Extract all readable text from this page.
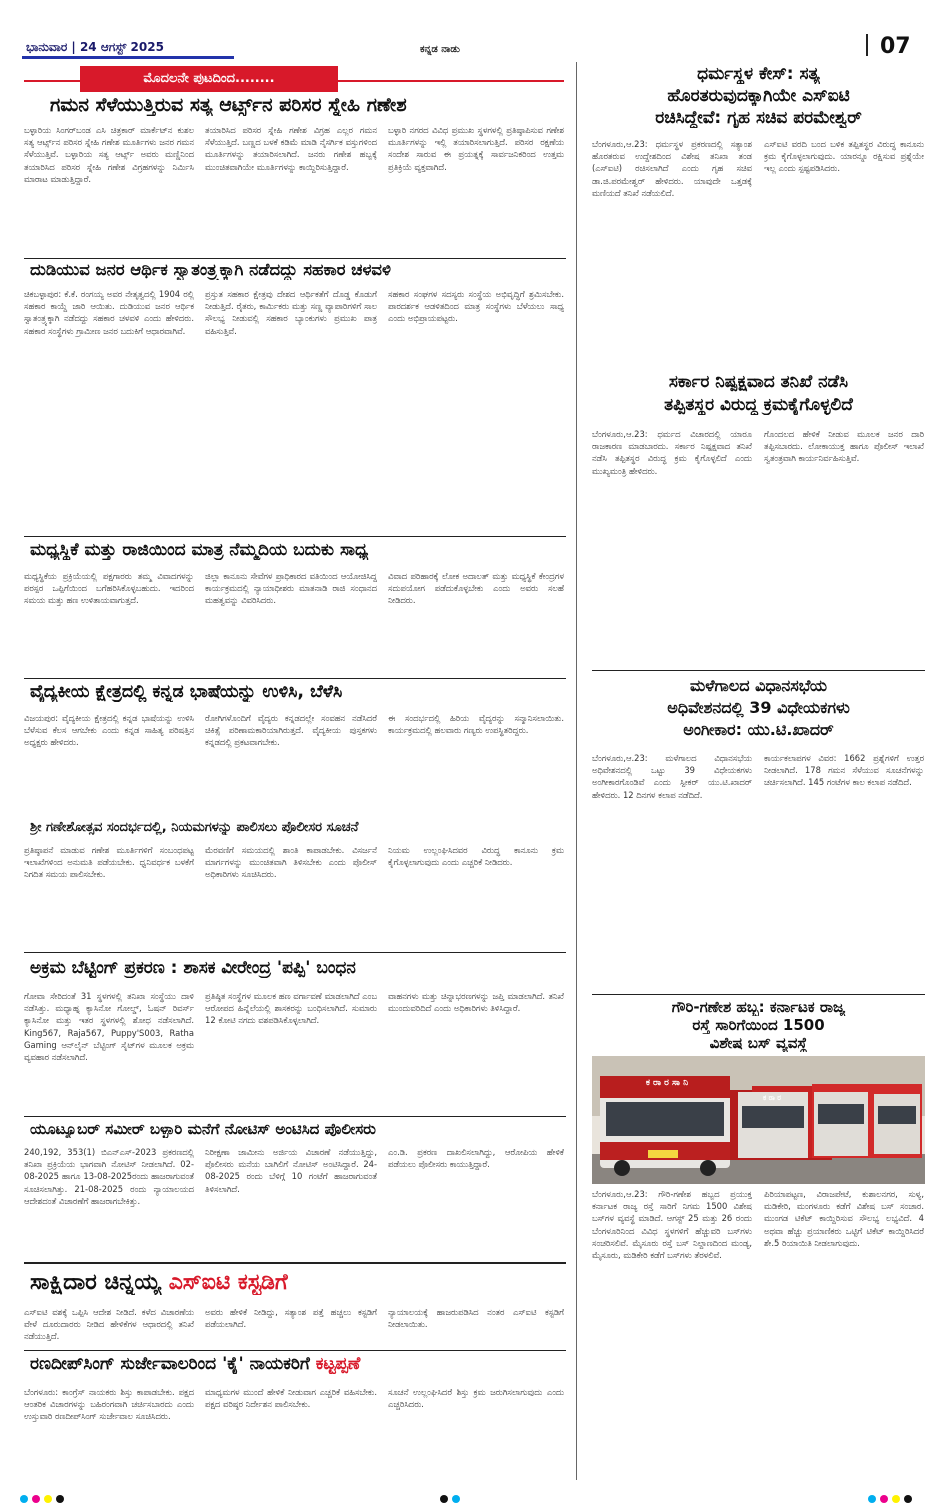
ಭಾನುವಾರ | 24 ಆಗಸ್ಟ್ 2025	ಕನ್ನಡ ನಾಡು	07
ಮೊದಲನೇ ಪುಟದಿಂದ........
ಗಮನ ಸೆಳೆಯುತ್ತಿರುವ ಸತ್ಯ ಆರ್ಟ್ಸ್‌ನ ಪರಿಸರ ಸ್ನೇಹಿ ಗಣೇಶ
ಬಳ್ಳಾರಿಯ ಸಿಂಗರ್‌ಬಂಡ ಎಸಿ ಚಿತ್ರಕಾರ್ ಮಾರ್ಕೆಟ್‌ನ ಕುಶಲ ಸತ್ಯ ಆರ್ಟ್ಸ್‌ನ ಪರಿಸರ ಸ್ನೇಹಿ ಗಣೇಶ ಮೂರ್ತಿಗಳು ಜನರ ಗಮನ ಸೆಳೆಯುತ್ತಿವೆ. ಬಳ್ಳಾರಿಯ ಸತ್ಯ ಆರ್ಟ್ಸ್ ಅವರು ಮಣ್ಣಿನಿಂದ ತಯಾರಿಸಿದ ಪರಿಸರ ಸ್ನೇಹಿ ಗಣೇಶ ವಿಗ್ರಹಗಳನ್ನು ನಿರ್ಮಿಸಿ ಮಾರಾಟ ಮಾಡುತ್ತಿದ್ದಾರೆ.
ತಯಾರಿಸಿದ ಪರಿಸರ ಸ್ನೇಹಿ ಗಣೇಶ ವಿಗ್ರಹ ಎಲ್ಲರ ಗಮನ ಸೆಳೆಯುತ್ತಿದೆ. ಬಣ್ಣದ ಬಳಕೆ ಕಡಿಮೆ ಮಾಡಿ ನೈಸರ್ಗಿಕ ವಸ್ತುಗಳಿಂದ ಮೂರ್ತಿಗಳನ್ನು ತಯಾರಿಸಲಾಗಿದೆ. ಜನರು ಗಣೇಶ ಹಬ್ಬಕ್ಕೆ ಮುಂಚಿತವಾಗಿಯೇ ಮೂರ್ತಿಗಳನ್ನು ಕಾಯ್ದಿರಿಸುತ್ತಿದ್ದಾರೆ.
ಬಳ್ಳಾರಿ ನಗರದ ವಿವಿಧ ಪ್ರಮುಖ ಸ್ಥಳಗಳಲ್ಲಿ ಪ್ರತಿಷ್ಠಾಪಿಸುವ ಗಣೇಶ ಮೂರ್ತಿಗಳನ್ನು ಇಲ್ಲಿ ತಯಾರಿಸಲಾಗುತ್ತಿದೆ. ಪರಿಸರ ರಕ್ಷಣೆಯ ಸಂದೇಶ ಸಾರುವ ಈ ಪ್ರಯತ್ನಕ್ಕೆ ಸಾರ್ವಜನಿಕರಿಂದ ಉತ್ತಮ ಪ್ರತಿಕ್ರಿಯೆ ವ್ಯಕ್ತವಾಗಿದೆ.
ದುಡಿಯುವ ಜನರ ಆರ್ಥಿಕ ಸ್ವಾತಂತ್ರ್ಯಕ್ಕಾಗಿ ನಡೆದದ್ದು ಸಹಕಾರ ಚಳವಳಿ
ಚಿಕಬಳ್ಳಾಪುರ: ಕೆ.ಕೆ. ರಂಗಯ್ಯ ಅವರ ನೇತೃತ್ವದಲ್ಲಿ 1904 ರಲ್ಲಿ ಸಹಕಾರ ಕಾಯ್ದೆ ಜಾರಿ ಆಯಿತು. ದುಡಿಯುವ ಜನರ ಆರ್ಥಿಕ ಸ್ವಾತಂತ್ರ್ಯಕ್ಕಾಗಿ ನಡೆದದ್ದು ಸಹಕಾರ ಚಳವಳಿ ಎಂದು ಹೇಳಿದರು. ಸಹಕಾರ ಸಂಸ್ಥೆಗಳು ಗ್ರಾಮೀಣ ಜನರ ಬದುಕಿಗೆ ಆಧಾರವಾಗಿವೆ.
ಪ್ರಸ್ತುತ ಸಹಕಾರ ಕ್ಷೇತ್ರವು ದೇಶದ ಆರ್ಥಿಕತೆಗೆ ದೊಡ್ಡ ಕೊಡುಗೆ ನೀಡುತ್ತಿದೆ. ರೈತರು, ಕಾರ್ಮಿಕರು ಮತ್ತು ಸಣ್ಣ ವ್ಯಾಪಾರಿಗಳಿಗೆ ಸಾಲ ಸೌಲಭ್ಯ ನೀಡುವಲ್ಲಿ ಸಹಕಾರ ಬ್ಯಾಂಕುಗಳು ಪ್ರಮುಖ ಪಾತ್ರ ವಹಿಸುತ್ತಿವೆ.
ಸಹಕಾರ ಸಂಘಗಳ ಸದಸ್ಯರು ಸಂಸ್ಥೆಯ ಅಭಿವೃದ್ಧಿಗೆ ಶ್ರಮಿಸಬೇಕು. ಪಾರದರ್ಶಕ ಆಡಳಿತದಿಂದ ಮಾತ್ರ ಸಂಸ್ಥೆಗಳು ಬೆಳೆಯಲು ಸಾಧ್ಯ ಎಂದು ಅಭಿಪ್ರಾಯಪಟ್ಟರು.
ಮಧ್ಯಸ್ಥಿಕೆ ಮತ್ತು ರಾಜಿಯಿಂದ ಮಾತ್ರ ನೆಮ್ಮದಿಯ ಬದುಕು ಸಾಧ್ಯ
ಮಧ್ಯಸ್ಥಿಕೆಯ ಪ್ರಕ್ರಿಯೆಯಲ್ಲಿ ಪಕ್ಷಗಾರರು ತಮ್ಮ ವಿವಾದಗಳನ್ನು ಪರಸ್ಪರ ಒಪ್ಪಿಗೆಯಿಂದ ಬಗೆಹರಿಸಿಕೊಳ್ಳಬಹುದು. ಇದರಿಂದ ಸಮಯ ಮತ್ತು ಹಣ ಉಳಿತಾಯವಾಗುತ್ತದೆ.
ಜಿಲ್ಲಾ ಕಾನೂನು ಸೇವೆಗಳ ಪ್ರಾಧಿಕಾರದ ವತಿಯಿಂದ ಆಯೋಜಿಸಿದ್ದ ಕಾರ್ಯಕ್ರಮದಲ್ಲಿ ನ್ಯಾಯಾಧೀಶರು ಮಾತನಾಡಿ ರಾಜಿ ಸಂಧಾನದ ಮಹತ್ವವನ್ನು ವಿವರಿಸಿದರು.
ವಿವಾದ ಪರಿಹಾರಕ್ಕೆ ಲೋಕ ಅದಾಲತ್ ಮತ್ತು ಮಧ್ಯಸ್ಥಿಕೆ ಕೇಂದ್ರಗಳ ಸದುಪಯೋಗ ಪಡೆದುಕೊಳ್ಳಬೇಕು ಎಂದು ಅವರು ಸಲಹೆ ನೀಡಿದರು.
ವೈದ್ಯಕೀಯ ಕ್ಷೇತ್ರದಲ್ಲಿ ಕನ್ನಡ ಭಾಷೆಯನ್ನು ಉಳಿಸಿ, ಬೆಳೆಸಿ
ವಿಜಯಪುರ: ವೈದ್ಯಕೀಯ ಕ್ಷೇತ್ರದಲ್ಲಿ ಕನ್ನಡ ಭಾಷೆಯನ್ನು ಉಳಿಸಿ ಬೆಳೆಸುವ ಕೆಲಸ ಆಗಬೇಕು ಎಂದು ಕನ್ನಡ ಸಾಹಿತ್ಯ ಪರಿಷತ್ತಿನ ಅಧ್ಯಕ್ಷರು ಹೇಳಿದರು.
ರೋಗಿಗಳೊಂದಿಗೆ ವೈದ್ಯರು ಕನ್ನಡದಲ್ಲೇ ಸಂವಹನ ನಡೆಸಿದರೆ ಚಿಕಿತ್ಸೆ ಪರಿಣಾಮಕಾರಿಯಾಗಿರುತ್ತದೆ. ವೈದ್ಯಕೀಯ ಪುಸ್ತಕಗಳು ಕನ್ನಡದಲ್ಲಿ ಪ್ರಕಟವಾಗಬೇಕು.
ಈ ಸಂದರ್ಭದಲ್ಲಿ ಹಿರಿಯ ವೈದ್ಯರನ್ನು ಸನ್ಮಾನಿಸಲಾಯಿತು. ಕಾರ್ಯಕ್ರಮದಲ್ಲಿ ಹಲವಾರು ಗಣ್ಯರು ಉಪಸ್ಥಿತರಿದ್ದರು.
ಶ್ರೀ ಗಣೇಶೋತ್ಸವ ಸಂದರ್ಭದಲ್ಲಿ, ನಿಯಮಗಳನ್ನು ಪಾಲಿಸಲು ಪೊಲೀಸರ ಸೂಚನೆ
ಪ್ರತಿಷ್ಠಾಪನೆ ಮಾಡುವ ಗಣೇಶ ಮೂರ್ತಿಗಳಿಗೆ ಸಂಬಂಧಪಟ್ಟ ಇಲಾಖೆಗಳಿಂದ ಅನುಮತಿ ಪಡೆಯಬೇಕು. ಧ್ವನಿವರ್ಧಕ ಬಳಕೆಗೆ ನಿಗದಿತ ಸಮಯ ಪಾಲಿಸಬೇಕು.
ಮೆರವಣಿಗೆ ಸಮಯದಲ್ಲಿ ಶಾಂತಿ ಕಾಪಾಡಬೇಕು. ವಿಸರ್ಜನೆ ಮಾರ್ಗಗಳನ್ನು ಮುಂಚಿತವಾಗಿ ತಿಳಿಸಬೇಕು ಎಂದು ಪೊಲೀಸ್ ಅಧಿಕಾರಿಗಳು ಸೂಚಿಸಿದರು.
ನಿಯಮ ಉಲ್ಲಂಘಿಸಿದವರ ವಿರುದ್ಧ ಕಾನೂನು ಕ್ರಮ ಕೈಗೊಳ್ಳಲಾಗುವುದು ಎಂದು ಎಚ್ಚರಿಕೆ ನೀಡಿದರು.
ಅಕ್ರಮ ಬೆಟ್ಟಿಂಗ್ ಪ್ರಕರಣ : ಶಾಸಕ ವೀರೇಂದ್ರ 'ಪಪ್ಪಿ' ಬಂಧನ
ಗೋವಾ ಸೇರಿದಂತೆ 31 ಸ್ಥಳಗಳಲ್ಲಿ ತನಿಖಾ ಸಂಸ್ಥೆಯು ದಾಳಿ ನಡೆಸಿತ್ತು. ಮಧ್ಯಾಹ್ನ ಕ್ಯಾಸಿನೋ ಗೋಲ್ಡ್, ಓಷನ್ ರಿವರ್ಸ್ ಕ್ಯಾಸಿನೋ ಮತ್ತು ಇತರ ಸ್ಥಳಗಳಲ್ಲಿ ಶೋಧ ನಡೆಸಲಾಗಿದೆ. King567, Raja567, Puppy'S003, Ratha Gaming ಆನ್‌ಲೈನ್ ಬೆಟ್ಟಿಂಗ್ ಸೈಟ್‌ಗಳ ಮೂಲಕ ಅಕ್ರಮ ವ್ಯವಹಾರ ನಡೆಸಲಾಗಿದೆ.
ಪ್ರತಿಷ್ಠಿತ ಸಂಸ್ಥೆಗಳ ಮೂಲಕ ಹಣ ವರ್ಗಾವಣೆ ಮಾಡಲಾಗಿದೆ ಎಂಬ ಆರೋಪದ ಹಿನ್ನೆಲೆಯಲ್ಲಿ ಶಾಸಕರನ್ನು ಬಂಧಿಸಲಾಗಿದೆ. ಸುಮಾರು 12 ಕೋಟಿ ನಗದು ವಶಪಡಿಸಿಕೊಳ್ಳಲಾಗಿದೆ.
ವಾಹನಗಳು ಮತ್ತು ಚಿನ್ನಾಭರಣಗಳನ್ನು ಜಪ್ತಿ ಮಾಡಲಾಗಿದೆ. ತನಿಖೆ ಮುಂದುವರಿದಿದೆ ಎಂದು ಅಧಿಕಾರಿಗಳು ತಿಳಿಸಿದ್ದಾರೆ.
ಯೂಟ್ಯೂಬರ್ ಸಮೀರ್ ಬಳ್ಳಾರಿ ಮನೆಗೆ ನೋಟಿಸ್ ಅಂಟಿಸಿದ ಪೊಲೀಸರು
240,192, 353(1) ಬಿಎನ್‌ಎಸ್-2023 ಪ್ರಕರಣದಲ್ಲಿ ತನಿಖಾ ಪ್ರಕ್ರಿಯೆಯ ಭಾಗವಾಗಿ ನೋಟಿಸ್ ನೀಡಲಾಗಿದೆ. 02-08-2025 ಹಾಗೂ 13-08-2025ರಂದು ಹಾಜರಾಗುವಂತೆ ಸೂಚಿಸಲಾಗಿತ್ತು. 21-08-2025 ರಂದು ನ್ಯಾಯಾಲಯದ ಆದೇಶದಂತೆ ವಿಚಾರಣೆಗೆ ಹಾಜರಾಗಬೇಕಿತ್ತು.
ನಿರೀಕ್ಷಣಾ ಜಾಮೀನು ಅರ್ಜಿಯ ವಿಚಾರಣೆ ನಡೆಯುತ್ತಿದ್ದು, ಪೊಲೀಸರು ಮನೆಯ ಬಾಗಿಲಿಗೆ ನೋಟಿಸ್ ಅಂಟಿಸಿದ್ದಾರೆ. 24-08-2025 ರಂದು ಬೆಳಿಗ್ಗೆ 10 ಗಂಟೆಗೆ ಹಾಜರಾಗುವಂತೆ ತಿಳಿಸಲಾಗಿದೆ.
ಎಂ.ಡಿ. ಪ್ರಕರಣ ದಾಖಲಿಸಲಾಗಿದ್ದು, ಆರೋಪಿಯ ಹೇಳಿಕೆ ಪಡೆಯಲು ಪೊಲೀಸರು ಕಾಯುತ್ತಿದ್ದಾರೆ.
ಸಾಕ್ಷಿದಾರ ಚಿನ್ನಯ್ಯ ಎಸ್‌ಐಟಿ ಕಸ್ಟಡಿಗೆ
ಎಸ್‌ಐಟಿ ವಶಕ್ಕೆ ಒಪ್ಪಿಸಿ ಆದೇಶ ನೀಡಿದೆ. ಕಳೆದ ವಿಚಾರಣೆಯ ವೇಳೆ ದೂರುದಾರರು ನೀಡಿದ ಹೇಳಿಕೆಗಳ ಆಧಾರದಲ್ಲಿ ತನಿಖೆ ನಡೆಯುತ್ತಿದೆ.
ಅವರು ಹೇಳಿಕೆ ನೀಡಿದ್ದು, ಸತ್ಯಾಂಶ ಪತ್ತೆ ಹಚ್ಚಲು ಕಸ್ಟಡಿಗೆ ಪಡೆಯಲಾಗಿದೆ.
ನ್ಯಾಯಾಲಯಕ್ಕೆ ಹಾಜರುಪಡಿಸಿದ ನಂತರ ಎಸ್‌ಐಟಿ ಕಸ್ಟಡಿಗೆ ನೀಡಲಾಯಿತು.
ರಣದೀಪ್‌ಸಿಂಗ್ ಸುರ್ಜೇವಾಲರಿಂದ 'ಕೈ' ನಾಯಕರಿಗೆ ಕಟ್ಟಪ್ಪಣೆ
ಬೆಂಗಳೂರು: ಕಾಂಗ್ರೆಸ್ ನಾಯಕರು ಶಿಸ್ತು ಕಾಪಾಡಬೇಕು. ಪಕ್ಷದ ಆಂತರಿಕ ವಿಚಾರಗಳನ್ನು ಬಹಿರಂಗವಾಗಿ ಚರ್ಚಿಸಬಾರದು ಎಂದು ಉಸ್ತುವಾರಿ ರಣದೀಪ್‌ಸಿಂಗ್ ಸುರ್ಜೇವಾಲ ಸೂಚಿಸಿದರು.
ಮಾಧ್ಯಮಗಳ ಮುಂದೆ ಹೇಳಿಕೆ ನೀಡುವಾಗ ಎಚ್ಚರಿಕೆ ವಹಿಸಬೇಕು. ಪಕ್ಷದ ವರಿಷ್ಠರ ನಿರ್ದೇಶನ ಪಾಲಿಸಬೇಕು.
ಸೂಚನೆ ಉಲ್ಲಂಘಿಸಿದರೆ ಶಿಸ್ತು ಕ್ರಮ ಜರುಗಿಸಲಾಗುವುದು ಎಂದು ಎಚ್ಚರಿಸಿದರು.
ಧರ್ಮಸ್ಥಳ ಕೇಸ್: ಸತ್ಯ
ಹೊರತರುವುದಕ್ಕಾಗಿಯೇ ಎಸ್‌ಐಟಿ
ರಚಿಸಿದ್ದೇವೆ: ಗೃಹ ಸಚಿವ ಪರಮೇಶ್ವರ್
ಬೆಂಗಳೂರು,ಆ.23: ಧರ್ಮಸ್ಥಳ ಪ್ರಕರಣದಲ್ಲಿ ಸತ್ಯಾಂಶ ಹೊರತರುವ ಉದ್ದೇಶದಿಂದ ವಿಶೇಷ ತನಿಖಾ ತಂಡ (ಎಸ್‌ಐಟಿ) ರಚಿಸಲಾಗಿದೆ ಎಂದು ಗೃಹ ಸಚಿವ ಡಾ.ಜಿ.ಪರಮೇಶ್ವರ್ ಹೇಳಿದರು. ಯಾವುದೇ ಒತ್ತಡಕ್ಕೆ ಮಣಿಯದೆ ತನಿಖೆ ನಡೆಯಲಿದೆ.
ಎಸ್‌ಐಟಿ ವರದಿ ಬಂದ ಬಳಿಕ ತಪ್ಪಿತಸ್ಥರ ವಿರುದ್ಧ ಕಾನೂನು ಕ್ರಮ ಕೈಗೊಳ್ಳಲಾಗುವುದು. ಯಾರನ್ನೂ ರಕ್ಷಿಸುವ ಪ್ರಶ್ನೆಯೇ ಇಲ್ಲ ಎಂದು ಸ್ಪಷ್ಟಪಡಿಸಿದರು.
ಸರ್ಕಾರ ನಿಷ್ಪಕ್ಷವಾದ ತನಿಖೆ ನಡೆಸಿ
ತಪ್ಪಿತಸ್ಥರ ವಿರುದ್ಧ ಕ್ರಮಕೈಗೊಳ್ಳಲಿದೆ
ಬೆಂಗಳೂರು,ಆ.23: ಧರ್ಮದ ವಿಚಾರದಲ್ಲಿ ಯಾರೂ ರಾಜಕಾರಣ ಮಾಡಬಾರದು. ಸರ್ಕಾರ ನಿಷ್ಪಕ್ಷವಾದ ತನಿಖೆ ನಡೆಸಿ ತಪ್ಪಿತಸ್ಥರ ವಿರುದ್ಧ ಕ್ರಮ ಕೈಗೊಳ್ಳಲಿದೆ ಎಂದು ಮುಖ್ಯಮಂತ್ರಿ ಹೇಳಿದರು.
ಗೊಂದಲದ ಹೇಳಿಕೆ ನೀಡುವ ಮೂಲಕ ಜನರ ದಾರಿ ತಪ್ಪಿಸಬಾರದು. ಲೋಕಾಯುಕ್ತ ಹಾಗೂ ಪೊಲೀಸ್ ಇಲಾಖೆ ಸ್ವತಂತ್ರವಾಗಿ ಕಾರ್ಯನಿರ್ವಹಿಸುತ್ತಿವೆ.
ಮಳೆಗಾಲದ ವಿಧಾನಸಭೆಯ
ಅಧಿವೇಶನದಲ್ಲಿ 39 ವಿಧೇಯಕಗಳು
ಅಂಗೀಕಾರ: ಯು.ಟಿ.ಖಾದರ್
ಬೆಂಗಳೂರು,ಆ.23: ಮಳೆಗಾಲದ ವಿಧಾನಸಭೆಯ ಅಧಿವೇಶನದಲ್ಲಿ ಒಟ್ಟು 39 ವಿಧೇಯಕಗಳು ಅಂಗೀಕಾರಗೊಂಡಿವೆ ಎಂದು ಸ್ಪೀಕರ್ ಯು.ಟಿ.ಖಾದರ್ ಹೇಳಿದರು. 12 ದಿನಗಳ ಕಲಾಪ ನಡೆದಿದೆ.
ಕಾರ್ಯಕಲಾಪಗಳ ವಿವರ: 1662 ಪ್ರಶ್ನೆಗಳಿಗೆ ಉತ್ತರ ನೀಡಲಾಗಿದೆ. 178 ಗಮನ ಸೆಳೆಯುವ ಸೂಚನೆಗಳನ್ನು ಚರ್ಚಿಸಲಾಗಿದೆ. 145 ಗಂಟೆಗಳ ಕಾಲ ಕಲಾಪ ನಡೆದಿದೆ.
ಗೌರಿ-ಗಣೇಶ ಹಬ್ಬ: ಕರ್ನಾಟಕ ರಾಜ್ಯ
ರಸ್ತೆ ಸಾರಿಗೆಯಿಂದ 1500
ವಿಶೇಷ ಬಸ್ ವ್ಯವಸ್ಥೆ
ಕ ರಾ ರ ಸಾ ನಿ
ಕ ರಾ ರ
ಬೆಂಗಳೂರು,ಆ.23: ಗೌರಿ-ಗಣೇಶ ಹಬ್ಬದ ಪ್ರಯುಕ್ತ ಕರ್ನಾಟಕ ರಾಜ್ಯ ರಸ್ತೆ ಸಾರಿಗೆ ನಿಗಮ 1500 ವಿಶೇಷ ಬಸ್‌ಗಳ ವ್ಯವಸ್ಥೆ ಮಾಡಿದೆ. ಆಗಸ್ಟ್ 25 ಮತ್ತು 26 ರಂದು ಬೆಂಗಳೂರಿನಿಂದ ವಿವಿಧ ಸ್ಥಳಗಳಿಗೆ ಹೆಚ್ಚುವರಿ ಬಸ್‌ಗಳು ಸಂಚರಿಸಲಿವೆ. ಮೈಸೂರು ರಸ್ತೆ ಬಸ್ ನಿಲ್ದಾಣದಿಂದ ಮಂಡ್ಯ, ಮೈಸೂರು, ಮಡಿಕೇರಿ ಕಡೆಗೆ ಬಸ್‌ಗಳು ತೆರಳಲಿವೆ.
ಪಿರಿಯಾಪಟ್ಟಣ, ವಿರಾಜಪೇಟೆ, ಕುಶಾಲನಗರ, ಸುಳ್ಯ, ಮಡಿಕೇರಿ, ಮಂಗಳೂರು ಕಡೆಗೆ ವಿಶೇಷ ಬಸ್ ಸಂಚಾರ. ಮುಂಗಡ ಟಿಕೆಟ್ ಕಾಯ್ದಿರಿಸುವ ಸೌಲಭ್ಯ ಲಭ್ಯವಿದೆ. 4 ಅಥವಾ ಹೆಚ್ಚು ಪ್ರಯಾಣಿಕರು ಒಟ್ಟಿಗೆ ಟಿಕೆಟ್ ಕಾಯ್ದಿರಿಸಿದರೆ ಶೇ.5 ರಿಯಾಯಿತಿ ನೀಡಲಾಗುವುದು.
